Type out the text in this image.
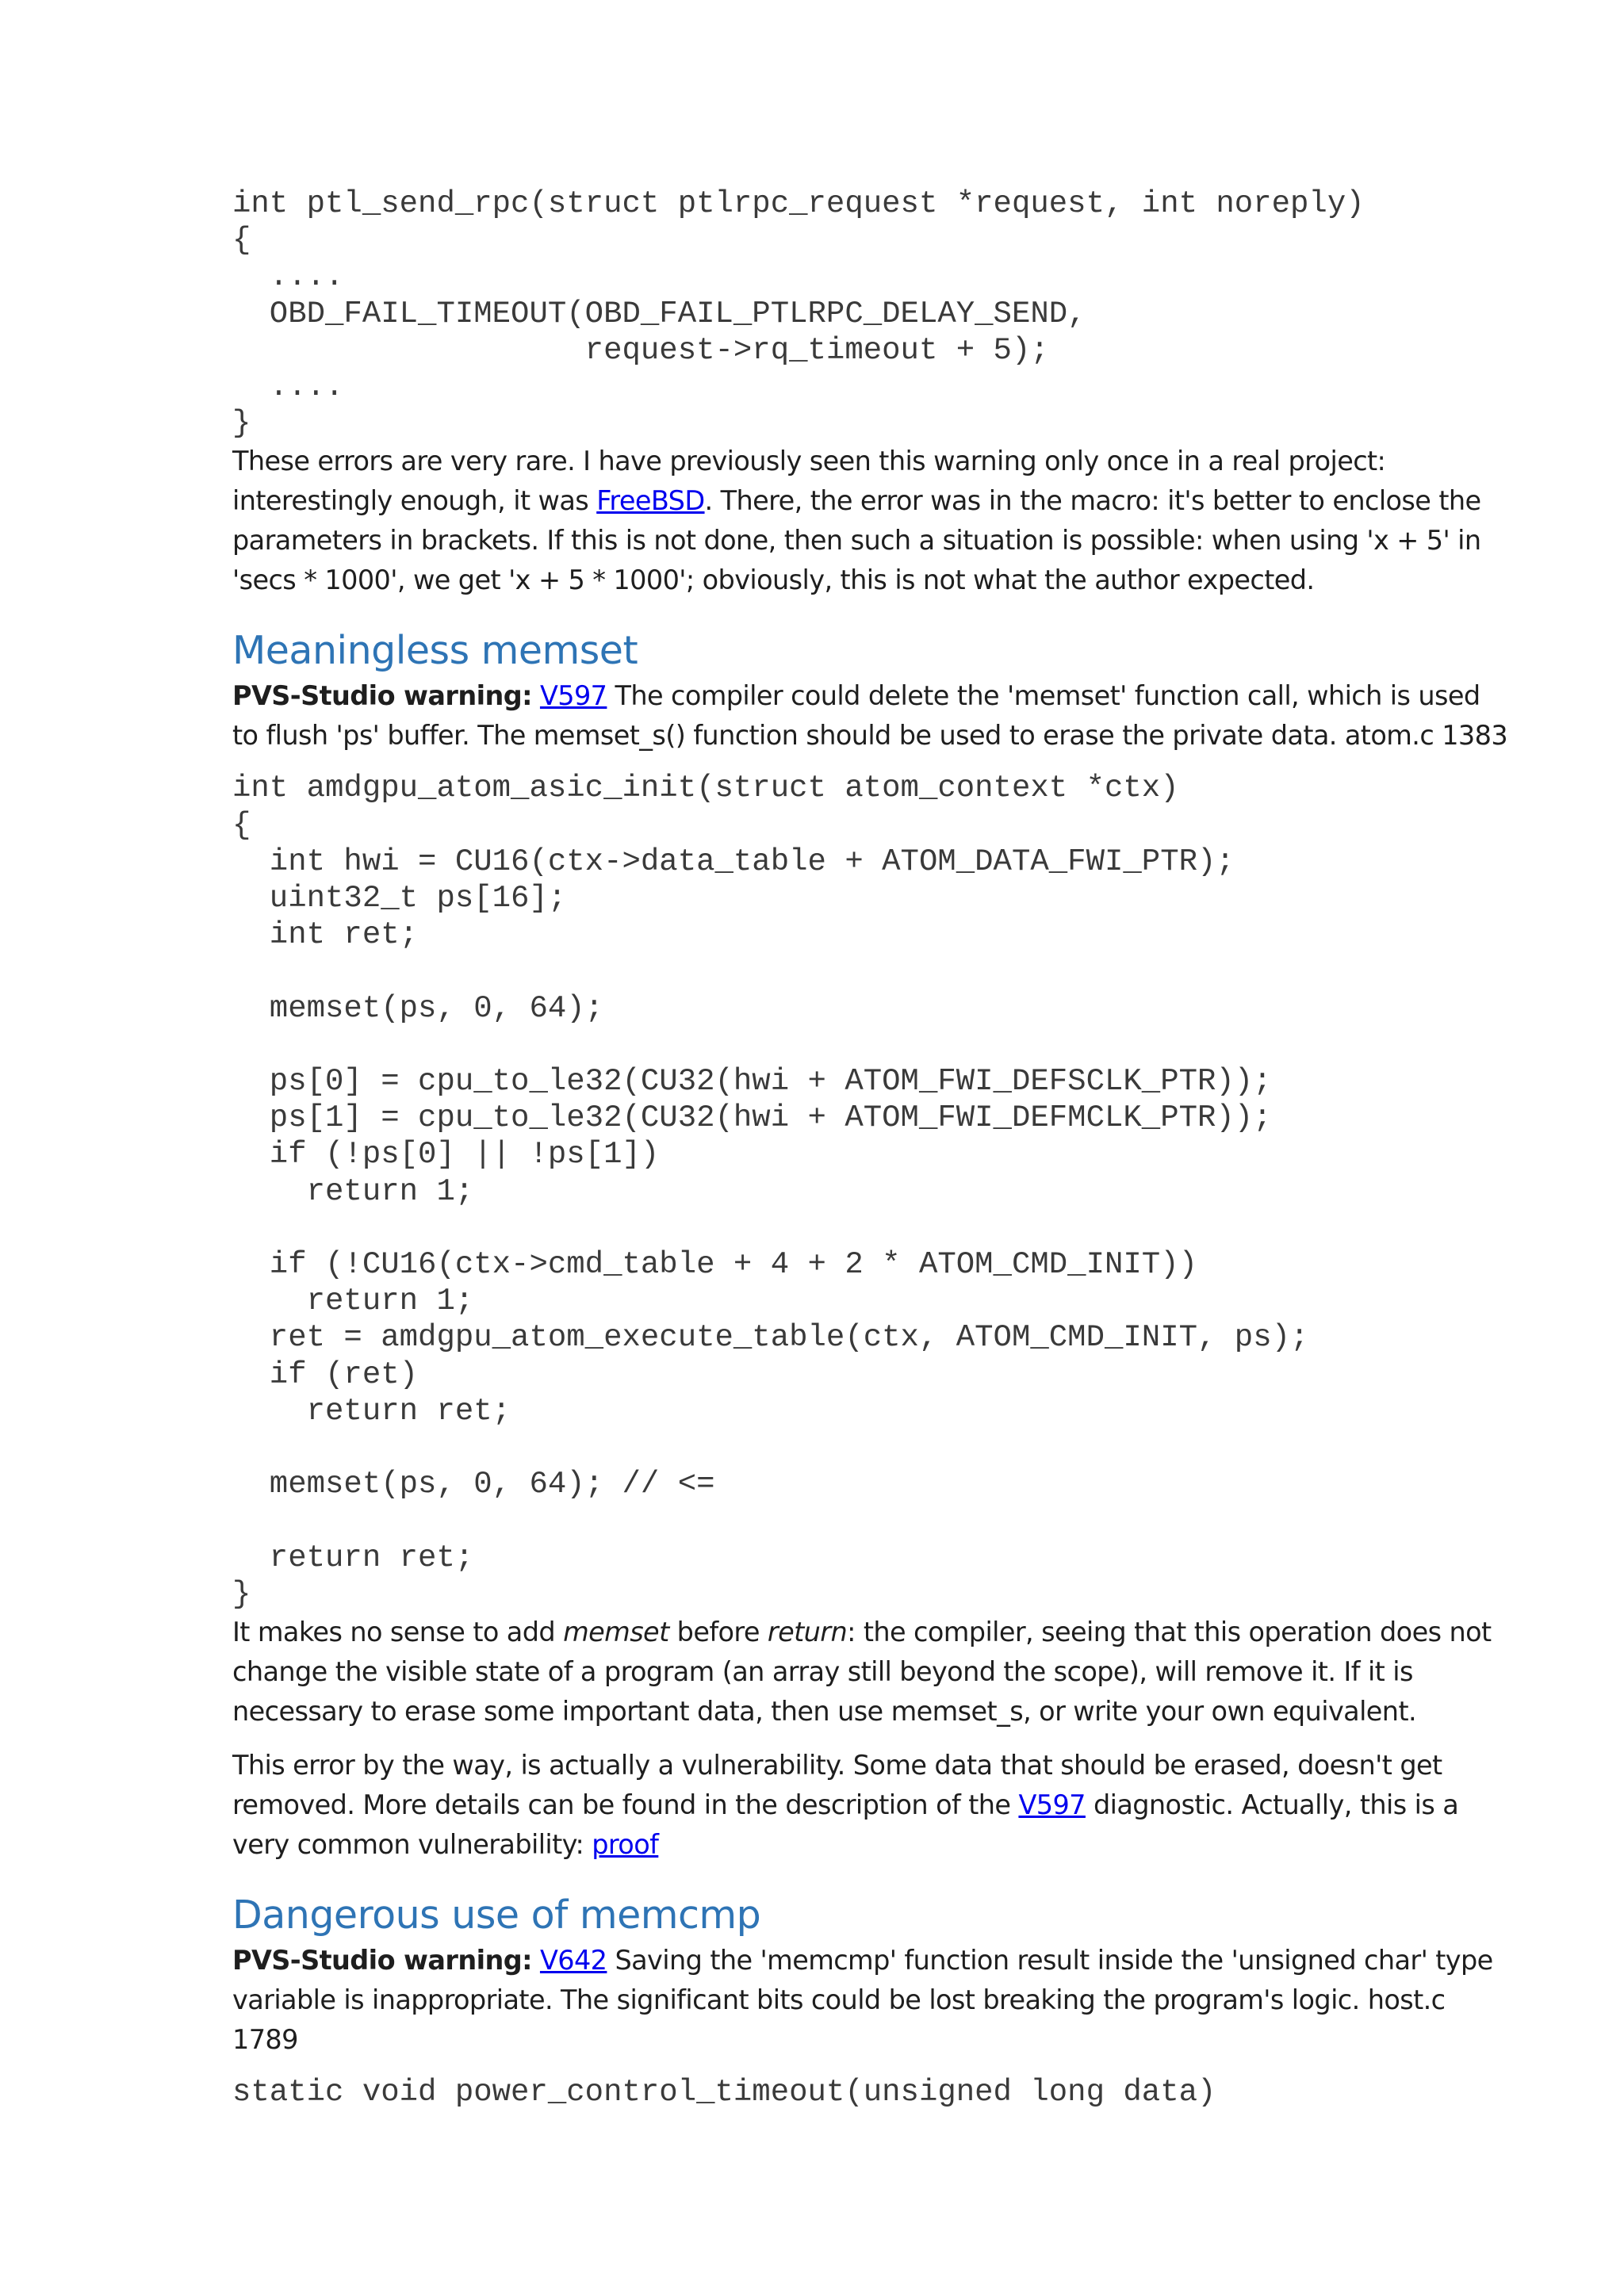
int ptl_send_rpc(struct ptlrpc_request *request, int noreply)
{
....
OBD_FAIL_TIMEOUT(OBD_FAIL_PTLRPC_DELAY_SEND,
request->rq_timeout + 5);
....
}

These errors are very rare. I have previously seen this warning only once in a real project: interestingly enough, it was FreeBSD. There, the error was in the macro: it's better to enclose the parameters in brackets. If this is not done, then such a situation is possible: when using 'x + 5' in 'secs * 1000', we get 'x + 5 * 1000'; obviously, this is not what the author expected.

Meaningless memset

PVS-Studio warning: V597 The compiler could delete the 'memset' function call, which is used to flush 'ps' buffer. The memset_s() function should be used to erase the private data. atom.c 1383

int amdgpu_atom_asic_init(struct atom_context *ctx)
{
int hwi = CU16(ctx->data_table + ATOM_DATA_FWI_PTR);
uint32_t ps[16];
int ret;
memset(ps, 0, 64);
ps[0] = cpu_to_le32(CU32(hwi + ATOM_FWI_DEFSCLK_PTR));
ps[1] = cpu_to_le32(CU32(hwi + ATOM_FWI_DEFMCLK_PTR));
if (!ps[0] || !ps[1])
return 1;
if (!CU16(ctx->cmd_table + 4 + 2 * ATOM_CMD_INIT))
return 1;
ret = amdgpu_atom_execute_table(ctx, ATOM_CMD_INIT, ps);
if (ret)
return ret;
memset(ps, 0, 64); // <=
return ret;
}

It makes no sense to add memset before return: the compiler, seeing that this operation does not change the visible state of a program (an array still beyond the scope), will remove it. If it is necessary to erase some important data, then use memset_s, or write your own equivalent.

This error by the way, is actually a vulnerability. Some data that should be erased, doesn't get removed. More details can be found in the description of the V597 diagnostic. Actually, this is a very common vulnerability: proof

Dangerous use of memcmp

PVS-Studio warning: V642 Saving the 'memcmp' function result inside the 'unsigned char' type variable is inappropriate. The significant bits could be lost breaking the program's logic. host.c 1789

static void power_control_timeout(unsigned long data)
